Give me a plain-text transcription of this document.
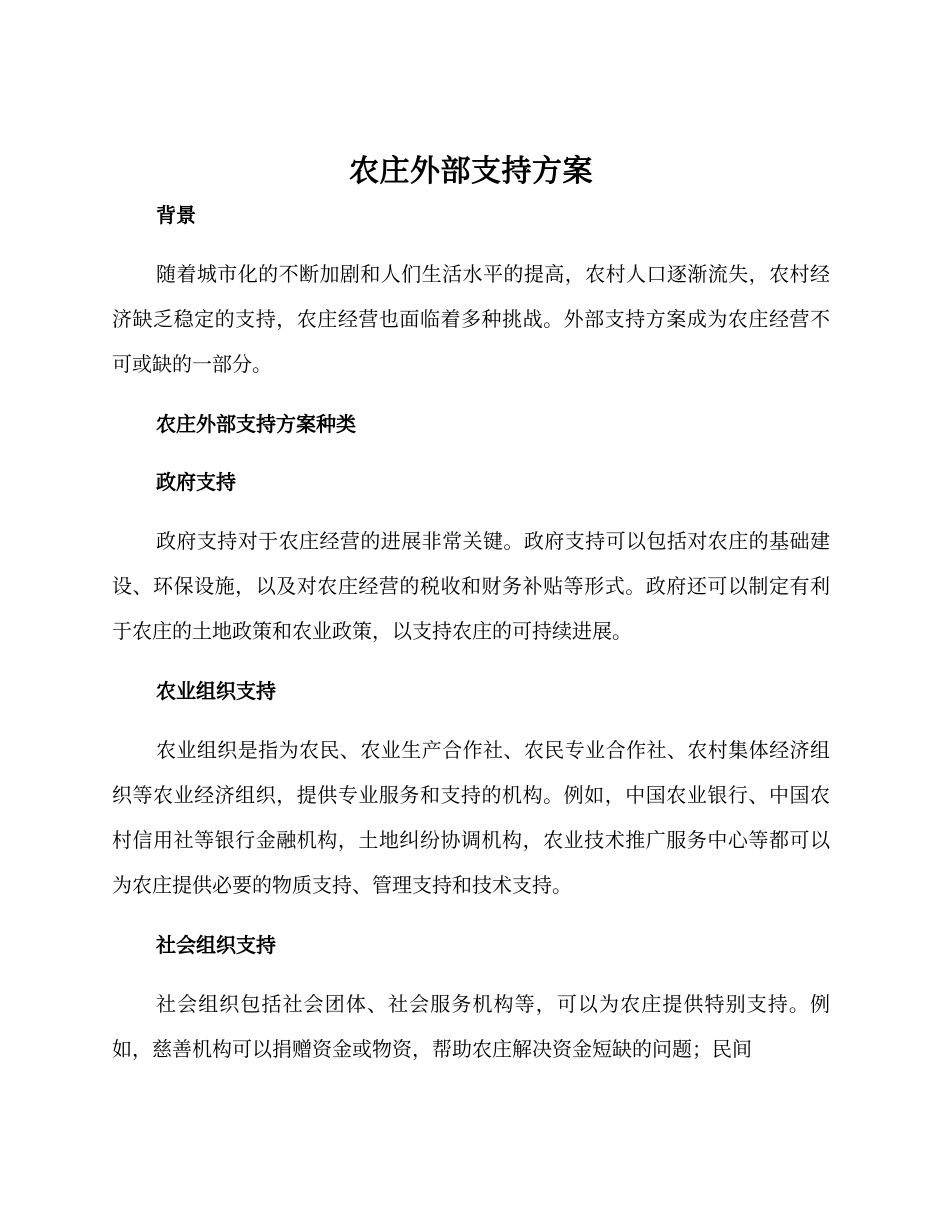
农庄外部支持方案
背景

随着城市化的不断加剧和人们生活水平的提高，农村人口逐渐流失，农村经济缺乏稳定的支持，农庄经营也面临着多种挑战。外部支持方案成为农庄经营不可或缺的一部分。

农庄外部支持方案种类
政府支持

政府支持对于农庄经营的进展非常关键。政府支持可以包括对农庄的基础建设、环保设施，以及对农庄经营的税收和财务补贴等形式。政府还可以制定有利于农庄的土地政策和农业政策，以支持农庄的可持续进展。

农业组织支持

农业组织是指为农民、农业生产合作社、农民专业合作社、农村集体经济组织等农业经济组织，提供专业服务和支持的机构。例如，中国农业银行、中国农村信用社等银行金融机构，土地纠纷协调机构，农业技术推广服务中心等都可以为农庄提供必要的物质支持、管理支持和技术支持。

社会组织支持

社会组织包括社会团体、社会服务机构等，可以为农庄提供特别支持。例如，慈善机构可以捐赠资金或物资，帮助农庄解决资金短缺的问题；民间
